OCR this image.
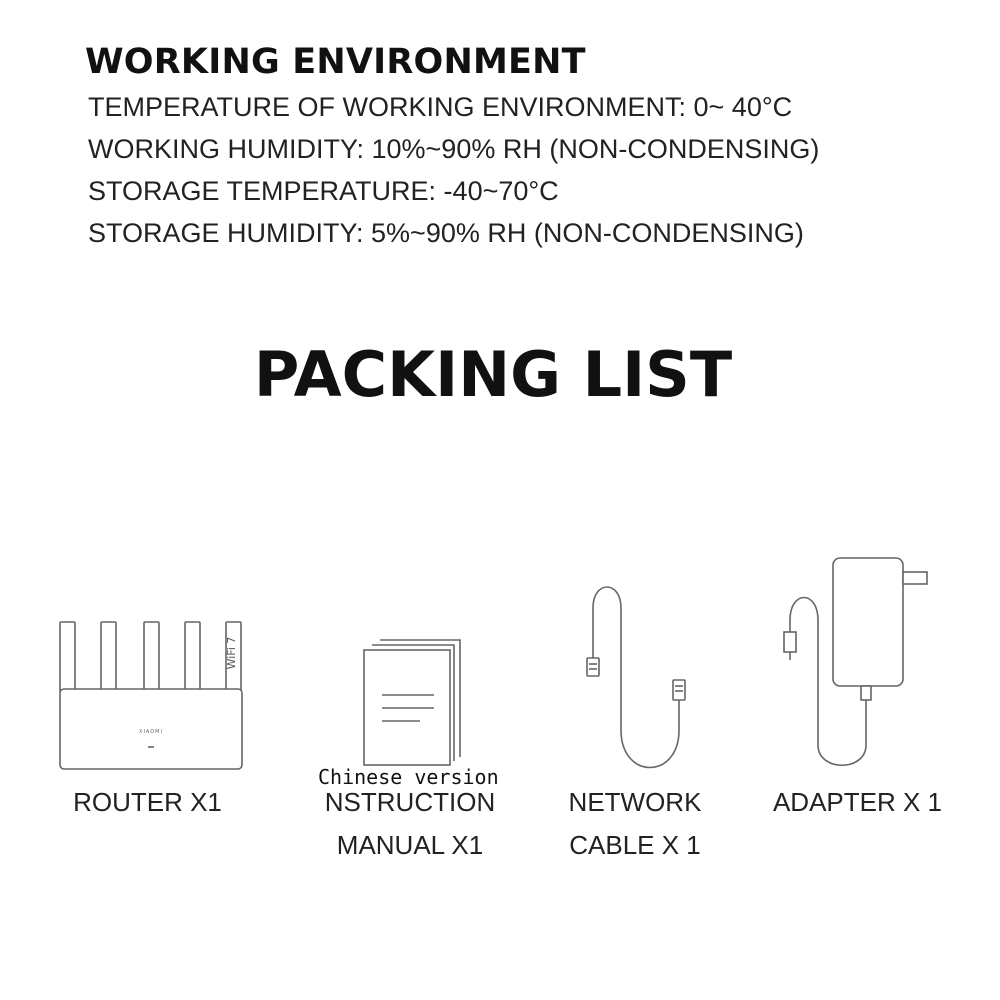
WORKING ENVIRONMENT
TEMPERATURE OF WORKING ENVIRONMENT: 0~ 40°C
WORKING HUMIDITY: 10%~90% RH (NON-CONDENSING)
STORAGE TEMPERATURE: -40~70°C
STORAGE HUMIDITY: 5%~90% RH (NON-CONDENSING)
PACKING LIST
WiFi 7
XIAOMI
ROUTER X1
Chinese version
NSTRUCTION
MANUAL X1
NETWORK
CABLE X 1
ADAPTER X 1
